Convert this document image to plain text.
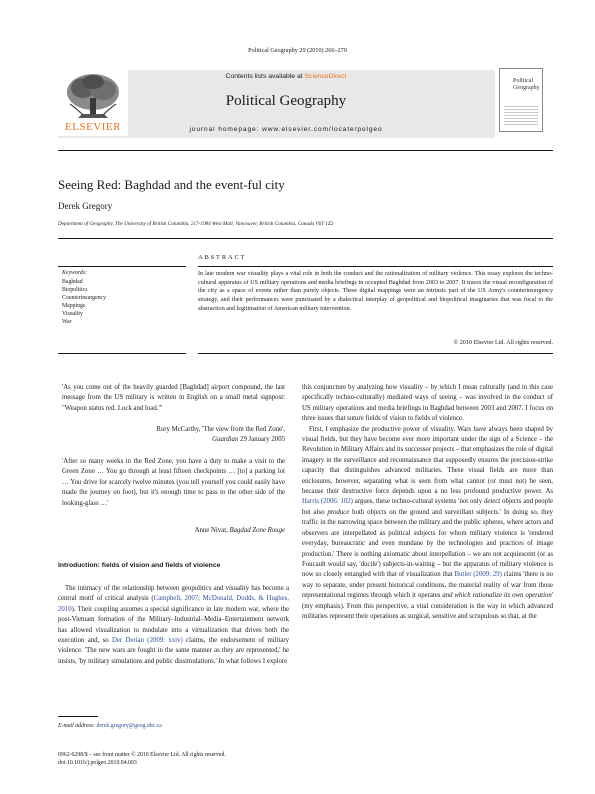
Political Geography 29 (2010) 266–279
ELSEVIER
Contents lists available at ScienceDirect
Political Geography
journal homepage: www.elsevier.com/locate/polgeo
Political Geography
Seeing Red: Baghdad and the event-ful city
Derek Gregory
Department of Geography, The University of British Columbia, 217-1984 West Mall, Vancouver, British Columbia, Canada V6T 1Z2
ABSTRACT
Keywords:
Baghdad
Biopolitics
Counterinsurgency
Mappings
Visuality
War
In late modern war visuality plays a vital role in both the conduct and the rationalization of military violence. This essay explores the techno-cultural apparatus of US military operations and media briefings in occupied Baghdad from 2003 to 2007. It traces the visual reconfiguration of the city as a space of events rather than purely objects. These digital mappings were an intrinsic part of the US Army's counterinsurgency strategy, and their performances were punctuated by a dialectical interplay of geopolitical and biopolitical imaginaries that was focal to the abstraction and legitimation of American military intervention.
© 2010 Elsevier Ltd. All rights reserved.
'As you come out of the heavily guarded [Baghdad] airport compound, the last message from the US military is written in English on a small metal signpost: "Weapon status red. Lock and load."'
Rory McCarthy, 'The view from the Red Zone',
Guardian 29 January 2005
'After so many weeks in the Red Zone, you have a duty to make a visit to the Green Zone … You go through at least fifteen checkpoints … [to] a parking lot … You drive for scarcely twelve minutes (you tell yourself you could easily have made the journey on foot), but it's enough time to pass to the other side of the looking-glass …'
Anne Nivat, Bagdad Zone Rouge
Introduction: fields of vision and fields of violence

The intimacy of the relationship between geopolitics and visuality has become a central motif of critical analysis (Campbell, 2007; McDonald, Dodds, & Hughes, 2010). Their coupling assumes a special significance in late modern war, where the post-Vietnam formation of the Military–Industrial–Media–Entertainment network has allowed visualization to modulate into a virtualization that drives both the execution and, so Der Derian (2009: xxiv) claims, the endorsement of military violence. 'The new wars are fought in the same manner as they are represented,' he insists, 'by military simulations and public dissimulations.' In what follows I explore

this conjuncture by analyzing how visuality – by which I mean culturally (and in this case specifically techno-culturally) mediated ways of seeing – was involved in the conduct of US military operations and media briefings in Baghdad between 2003 and 2007. I focus on three issues that suture fields of vision to fields of violence.

First, I emphasize the productive power of visuality. Wars have always been shaped by visual fields, but they have become ever more important under the sign of a Science – the Revolution in Military Affairs and its successor projects – that emphasizes the role of digital imagery in the surveillance and reconnaissance that supposedly ensures the precision-strike capacity that distinguishes advanced militaries. These visual fields are more than enclosures, however, separating what is seen from what cannot (or must not) be seen, because their destructive force depends upon a no less profound productive power. As Harris (2006: 102) argues, these techno-cultural systems 'not only detect objects and people but also produce both objects on the ground and surveillant subjects.' In doing so, they traffic in the narrowing space between the military and the public spheres, where actors and observers are interpellated as political subjects for whom military violence is 'rendered everyday, bureaucratic and even mundane by the technologies and practices of image production.' There is nothing axiomatic about interpellation – we are not acquiescent (or as Foucault would say, 'docile') subjects-in-waiting – but the apparatus of military violence is now so closely entangled with that of visualization that Butler (2009: 29) claims 'there is no way to separate, under present historical conditions, the material reality of war from those representational regimes through which it operates and which rationalize its own operation' (my emphasis). From this perspective, a vital consideration is the way in which advanced militaries represent their operations as surgical, sensitive and scrupulous so that, at the

E-mail address: derek.gregory@geog.ubc.ca
0962-6298/$ – see front matter © 2010 Elsevier Ltd. All rights reserved.
doi:10.1016/j.polgeo.2010.04.003
